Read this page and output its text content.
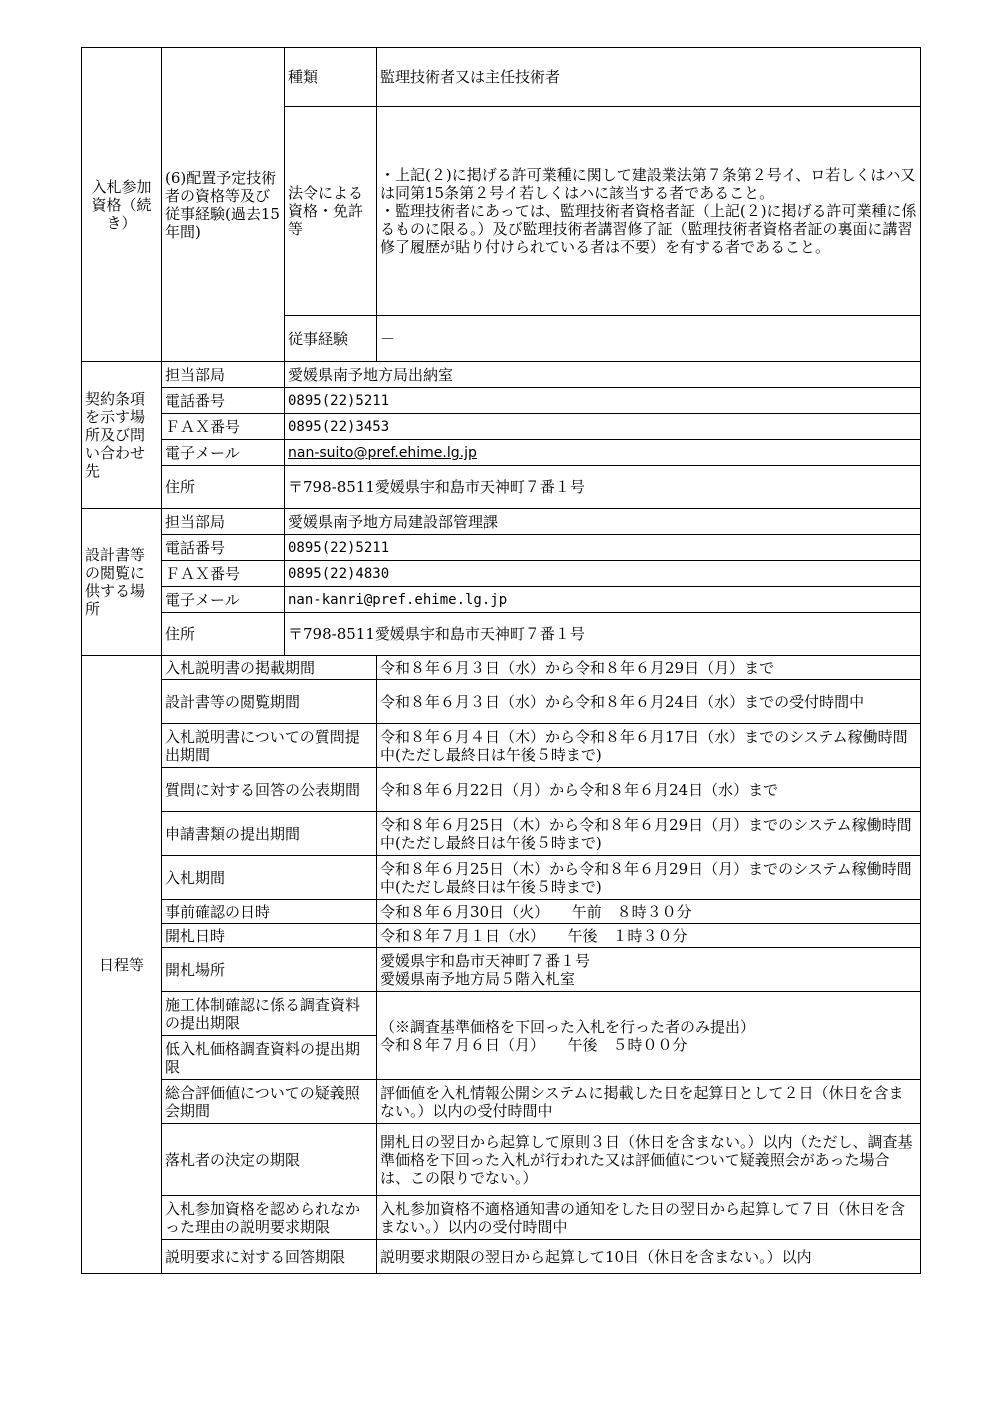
入札参加資格（続き）	(6)配置予定技術者の資格等及び従事経験(過去15年間)	種類	監理技術者又は主任技術者
		法令による資格・免許等	・上記(２)に掲げる許可業種に関して建設業法第７条第２号イ、ロ若しくはハ又は同第15条第２号イ若しくはハに該当する者であること。
・監理技術者にあっては、監理技術者資格者証（上記(２)に掲げる許可業種に係るものに限る。）及び監理技術者講習修了証（監理技術者資格者証の裏面に講習修了履歴が貼り付けられている者は不要）を有する者であること。
		従事経験	－
契約条項を示す場所及び問い合わせ先	担当部局	愛媛県南予地方局出納室	
	電話番号	0895(22)5211	
	ＦＡＸ番号	0895(22)3453	
	電子メール	nan-suito@pref.ehime.lg.jp	
	住所	〒798-8511愛媛県宇和島市天神町７番１号	
設計書等の閲覧に供する場所	担当部局	愛媛県南予地方局建設部管理課	
	電話番号	0895(22)5211	
	ＦＡＸ番号	0895(22)4830	
	電子メール	nan-kanri@pref.ehime.lg.jp	
	住所	〒798-8511愛媛県宇和島市天神町７番１号	
日程等	入札説明書の掲載期間		令和８年６月３日（水）から令和８年６月29日（月）まで
	設計書等の閲覧期間		令和８年６月３日（水）から令和８年６月24日（水）までの受付時間中
	入札説明書についての質問提出期間		令和８年６月４日（木）から令和８年６月17日（水）までのシステム稼働時間中(ただし最終日は午後５時まで)
	質問に対する回答の公表期間		令和８年６月22日（月）から令和８年６月24日（水）まで
	申請書類の提出期間		令和８年６月25日（木）から令和８年６月29日（月）までのシステム稼働時間中(ただし最終日は午後５時まで)
	入札期間		令和８年６月25日（木）から令和８年６月29日（月）までのシステム稼働時間中(ただし最終日は午後５時まで)
	事前確認の日時		令和８年６月30日（火）　　午前　８時３０分
	開札日時		令和８年７月１日（水）　　午後　１時３０分
	開札場所		愛媛県宇和島市天神町７番１号
愛媛県南予地方局５階入札室
	施工体制確認に係る調査資料の提出期限		（※調査基準価格を下回った入札を行った者のみ提出）
令和８年７月６日（月）　　午後　５時００分
	低入札価格調査資料の提出期限		
	総合評価値についての疑義照会期間		評価値を入札情報公開システムに掲載した日を起算日として２日（休日を含まない。）以内の受付時間中
	落札者の決定の期限		開札日の翌日から起算して原則３日（休日を含まない。）以内（ただし、調査基準価格を下回った入札が行われた又は評価値について疑義照会があった場合は、この限りでない。）
	入札参加資格を認められなかった理由の説明要求期限		入札参加資格不適格通知書の通知をした日の翌日から起算して７日（休日を含まない。）以内の受付時間中
	説明要求に対する回答期限		説明要求期限の翌日から起算して10日（休日を含まない。）以内
